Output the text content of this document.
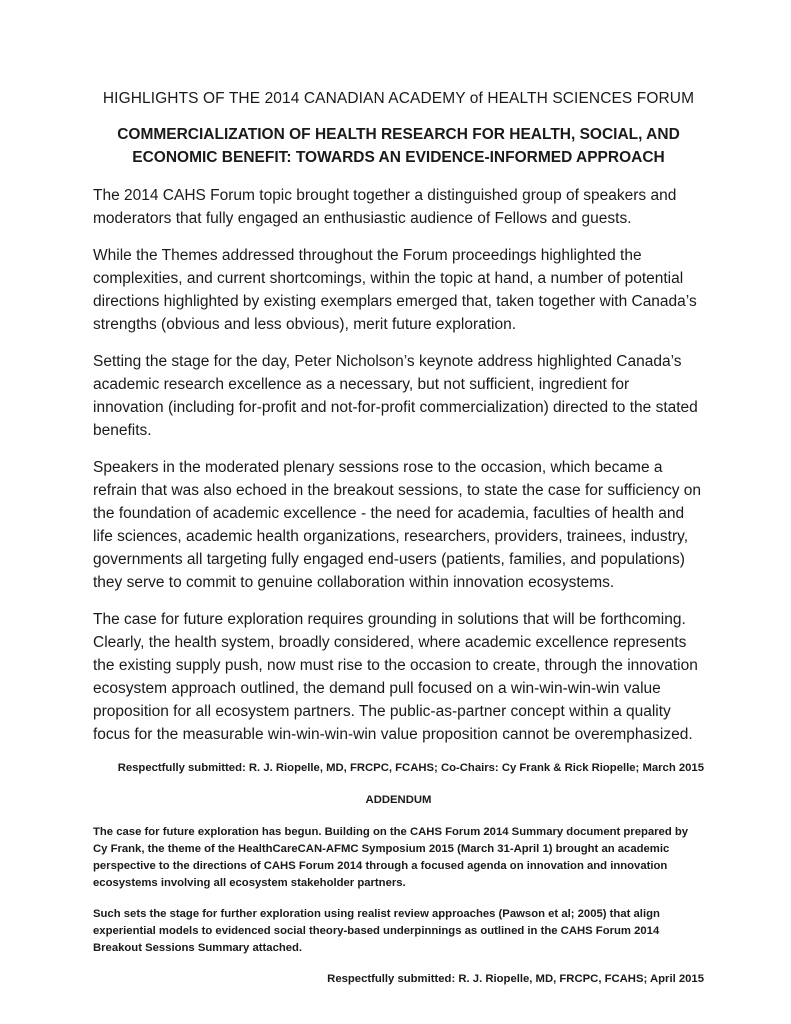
HIGHLIGHTS OF THE 2014 CANADIAN ACADEMY of HEALTH SCIENCES FORUM
COMMERCIALIZATION OF HEALTH RESEARCH FOR HEALTH, SOCIAL, AND ECONOMIC BENEFIT: TOWARDS AN EVIDENCE-INFORMED APPROACH

The 2014 CAHS Forum topic brought together a distinguished group of speakers and moderators that fully engaged an enthusiastic audience of Fellows and guests.

While the Themes addressed throughout the Forum proceedings highlighted the complexities, and current shortcomings, within the topic at hand, a number of potential directions highlighted by existing exemplars emerged that, taken together with Canada’s strengths (obvious and less obvious), merit future exploration.

Setting the stage for the day, Peter Nicholson’s keynote address highlighted Canada’s academic research excellence as a necessary, but not sufficient, ingredient for innovation (including for-profit and not-for-profit commercialization) directed to the stated benefits.

Speakers in the moderated plenary sessions rose to the occasion, which became a refrain that was also echoed in the breakout sessions, to state the case for sufficiency on the foundation of academic excellence - the need for academia, faculties of health and life sciences, academic health organizations, researchers, providers, trainees, industry, governments all targeting fully engaged end-users (patients, families, and populations) they serve to commit to genuine collaboration within innovation ecosystems.

The case for future exploration requires grounding in solutions that will be forthcoming. Clearly, the health system, broadly considered, where academic excellence represents the existing supply push, now must rise to the occasion to create, through the innovation ecosystem approach outlined, the demand pull focused on a win-win-win-win value proposition for all ecosystem partners. The public-as-partner concept within a quality focus for the measurable win-win-win-win value proposition cannot be overemphasized.

Respectfully submitted: R. J. Riopelle, MD, FRCPC, FCAHS; Co-Chairs: Cy Frank & Rick Riopelle; March 2015

ADDENDUM

The case for future exploration has begun. Building on the CAHS Forum 2014 Summary document prepared by Cy Frank, the theme of the HealthCareCAN-AFMC Symposium 2015 (March 31-April 1) brought an academic perspective to the directions of CAHS Forum 2014 through a focused agenda on innovation and innovation ecosystems involving all ecosystem stakeholder partners.

Such sets the stage for further exploration using realist review approaches (Pawson et al; 2005) that align experiential models to evidenced social theory-based underpinnings as outlined in the CAHS Forum 2014 Breakout Sessions Summary attached.

Respectfully submitted: R. J. Riopelle, MD, FRCPC, FCAHS; April 2015
